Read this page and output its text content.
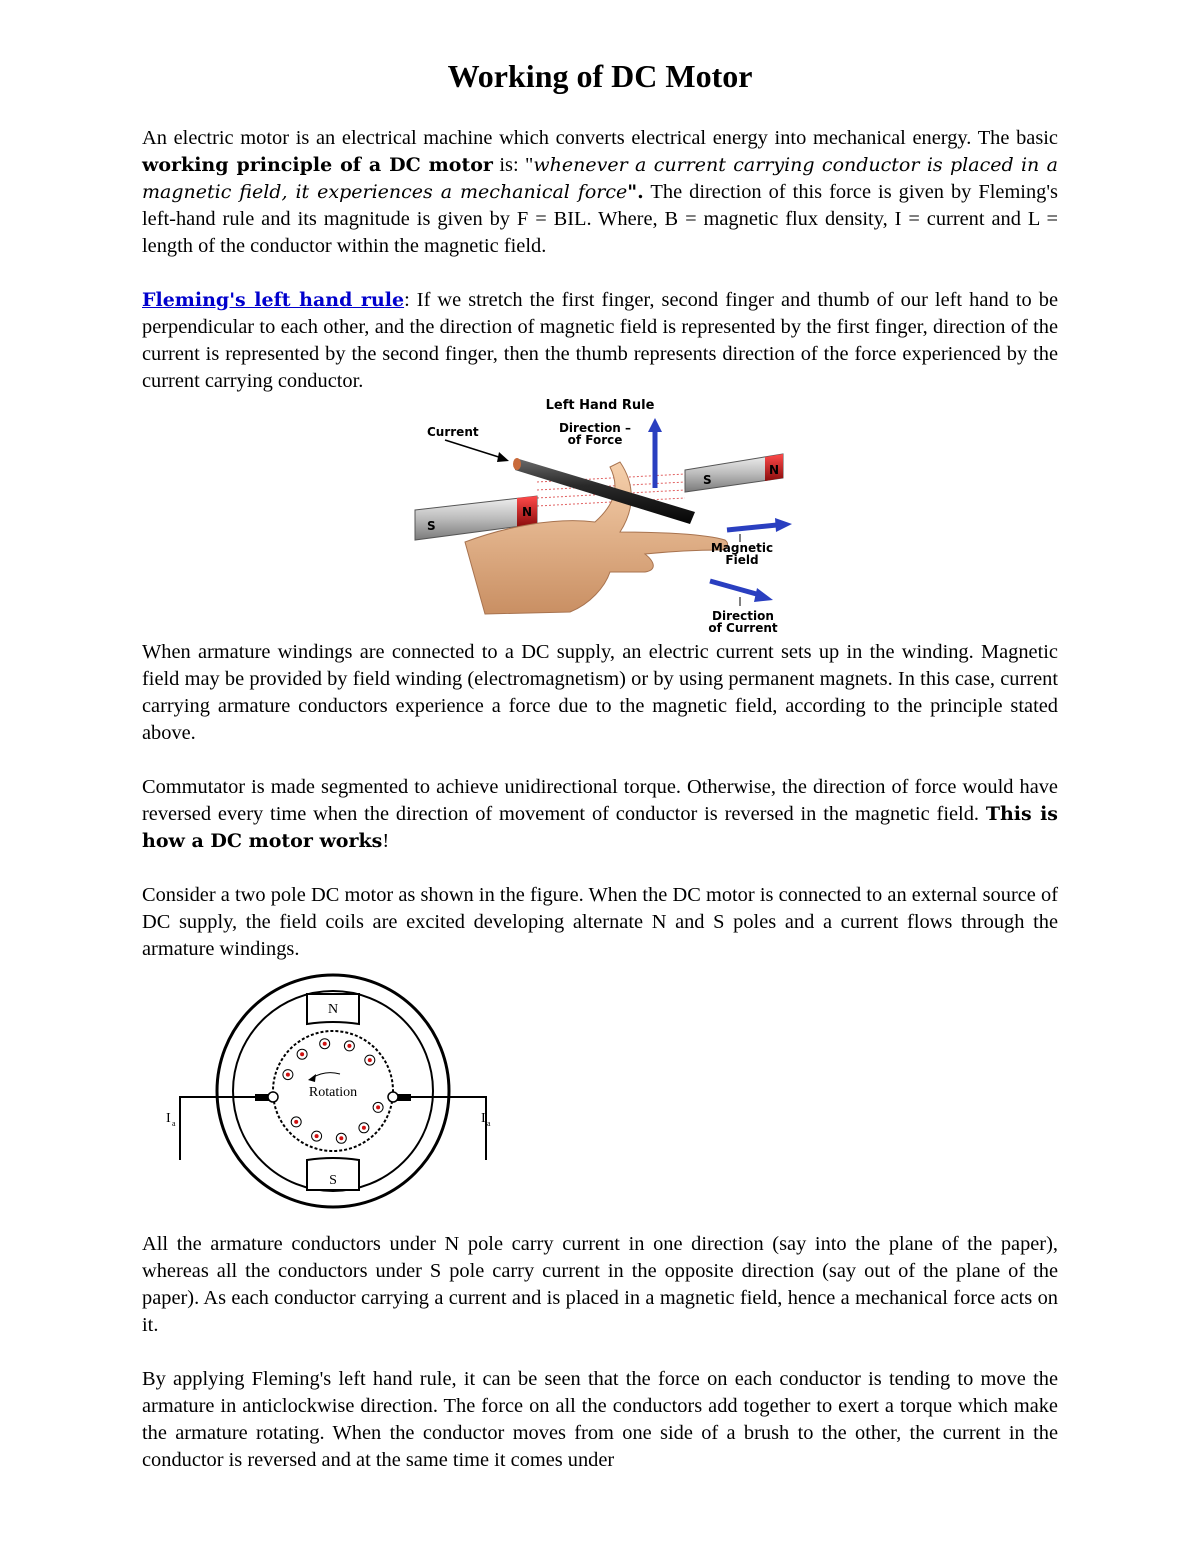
Working of DC Motor

An electric motor is an electrical machine which converts electrical energy into mechanical energy. The basic working principle of a DC motor is: "whenever a current carrying conductor is placed in a magnetic field, it experiences a mechanical force". The direction of this force is given by Fleming's left-hand rule and its magnitude is given by F = BIL. Where, B = magnetic flux density, I = current and L = length of the conductor within the magnetic field.

Fleming's left hand rule: If we stretch the first finger, second finger and thumb of our left hand to be perpendicular to each other, and the direction of magnetic field is represented by the first finger, direction of the current is represented by the second finger, then the thumb represents direction of the force experienced by the current carrying conductor.

Left Hand Rule
S
N
S
N
Current	Direction –
of Force
Magnetic
Field
Direction
of Current

When armature windings are connected to a DC supply, an electric current sets up in the winding. Magnetic field may be provided by field winding (electromagnetism) or by using permanent magnets. In this case, current carrying armature conductors experience a force due to the magnetic field, according to the principle stated above.

Commutator is made segmented to achieve unidirectional torque. Otherwise, the direction of force would have reversed every time when the direction of movement of conductor is reversed in the magnetic field. This is how a DC motor works!

Consider a two pole DC motor as shown in the figure. When the DC motor is connected to an external source of DC supply, the field coils are excited developing alternate N and S poles and a current flows through the armature windings.

N
S
Rotation
I a	I a

All the armature conductors under N pole carry current in one direction (say into the plane of the paper), whereas all the conductors under S pole carry current in the opposite direction (say out of the plane of the paper). As each conductor carrying a current and is placed in a magnetic field, hence a mechanical force acts on it.

By applying Fleming's left hand rule, it can be seen that the force on each conductor is tending to move the armature in anticlockwise direction. The force on all the conductors add together to exert a torque which make the armature rotating. When the conductor moves from one side of a brush to the other, the current in the conductor is reversed and at the same time it comes under
